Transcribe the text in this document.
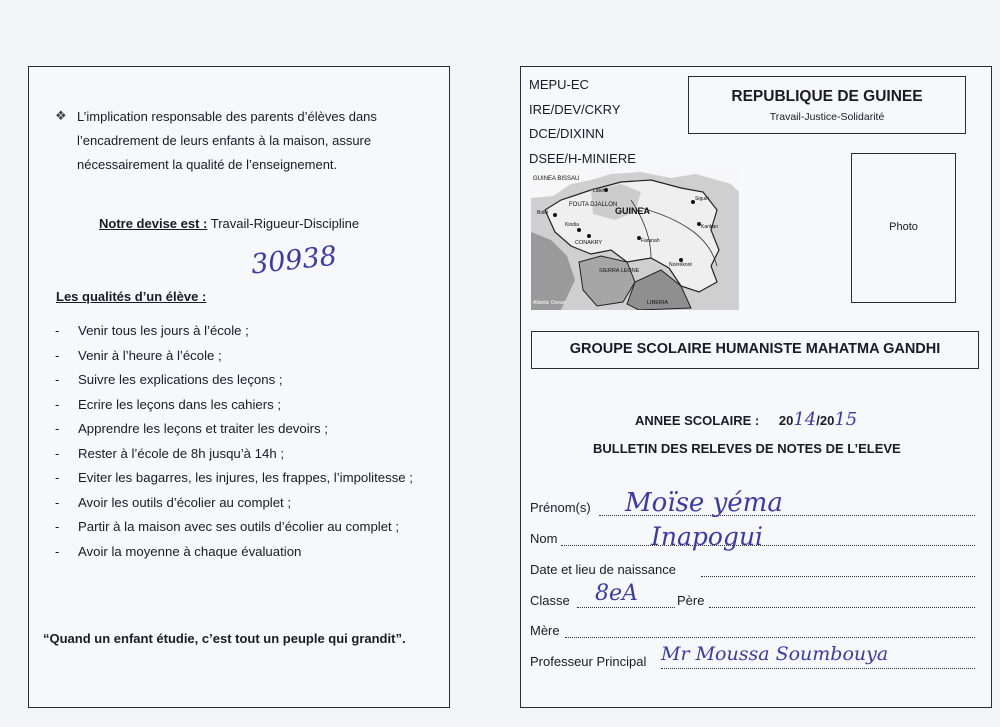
❖ L’implication responsable des parents d’élèves dans l’encadrement de leurs enfants à la maison, assure nécessairement la qualité de l’enseignement.
Notre devise est : Travail-Rigueur-Discipline
30938
Les qualités d’un élève :
- Venir tous les jours à l’école ;
- Venir à l’heure à l’école ;
- Suivre les explications des leçons ;
- Ecrire les leçons dans les cahiers ;
- Apprendre les leçons et traiter les devoirs ;
- Rester à l’école de 8h jusqu’à 14h ;
- Eviter les bagarres, les injures, les frappes, l’impolitesse ;
- Avoir les outils d’écolier au complet ;
- Partir à la maison avec ses outils d’écolier au complet ;
- Avoir la moyenne à chaque évaluation
“Quand un enfant étudie, c’est tout un peuple qui grandit”.
MEPU-EC
IRE/DEV/CKRY
DCE/DIXINN
DSEE/H-MINIERE
REPUBLIQUE DE GUINEE
Travail-Justice-Solidarité
Photo
GUINEA BISSAU
GUINEA
FOUTA DJALLON
CONAKRY
SIERRA LEONE
LIBERIA
Atlantic Ocean
Labé
Boké
Kindia
Siguiri
Kankan
Faranah
Nzérékoré
GROUPE SCOLAIRE HUMANISTE MAHATMA GANDHI
ANNEE SCOLAIRE : 2014/2015
BULLETIN DES RELEVES DE NOTES DE L’ELEVE
Prénom(s) Moïse yéma
Nom	Inapogui
Date et lieu de naissance
Classe 8eA	Père
Mère
Professeur Principal Mr Moussa Soumbouya
